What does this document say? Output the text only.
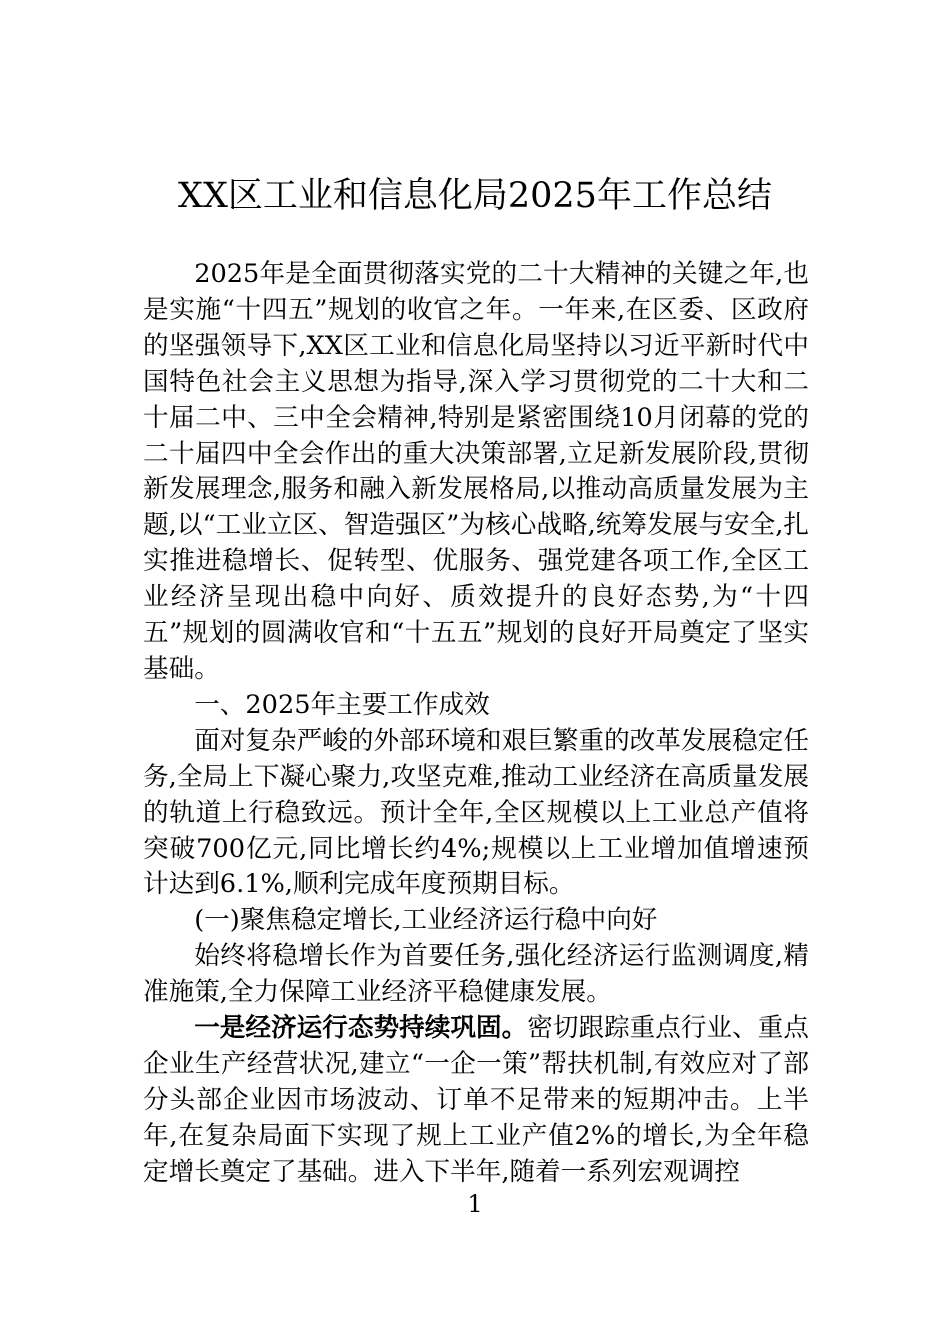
XX区工业和信息化局2025年工作总结

2025年是全面贯彻落实党的二十大精神的关键之年,也是实施“十四五”规划的收官之年。一年来,在区委、区政府的坚强领导下,XX区工业和信息化局坚持以习近平新时代中国特色社会主义思想为指导,深入学习贯彻党的二十大和二十届二中、三中全会精神,特别是紧密围绕10月闭幕的党的二十届四中全会作出的重大决策部署,立足新发展阶段,贯彻新发展理念,服务和融入新发展格局,以推动高质量发展为主题,以“工业立区、智造强区”为核心战略,统筹发展与安全,扎实推进稳增长、促转型、优服务、强党建各项工作,全区工业经济呈现出稳中向好、质效提升的良好态势,为“十四五”规划的圆满收官和“十五五”规划的良好开局奠定了坚实基础。

一、2025年主要工作成效

面对复杂严峻的外部环境和艰巨繁重的改革发展稳定任务,全局上下凝心聚力,攻坚克难,推动工业经济在高质量发展的轨道上行稳致远。预计全年,全区规模以上工业总产值将突破700亿元,同比增长约4%;规模以上工业增加值增速预计达到6.1%,顺利完成年度预期目标。

(一)聚焦稳定增长,工业经济运行稳中向好

始终将稳增长作为首要任务,强化经济运行监测调度,精准施策,全力保障工业经济平稳健康发展。

一是经济运行态势持续巩固。密切跟踪重点行业、重点企业生产经营状况,建立“一企一策”帮扶机制,有效应对了部分头部企业因市场波动、订单不足带来的短期冲击。上半年,在复杂局面下实现了规上工业产值2%的增长,为全年稳定增长奠定了基础。进入下半年,随着一系列宏观调控

1
